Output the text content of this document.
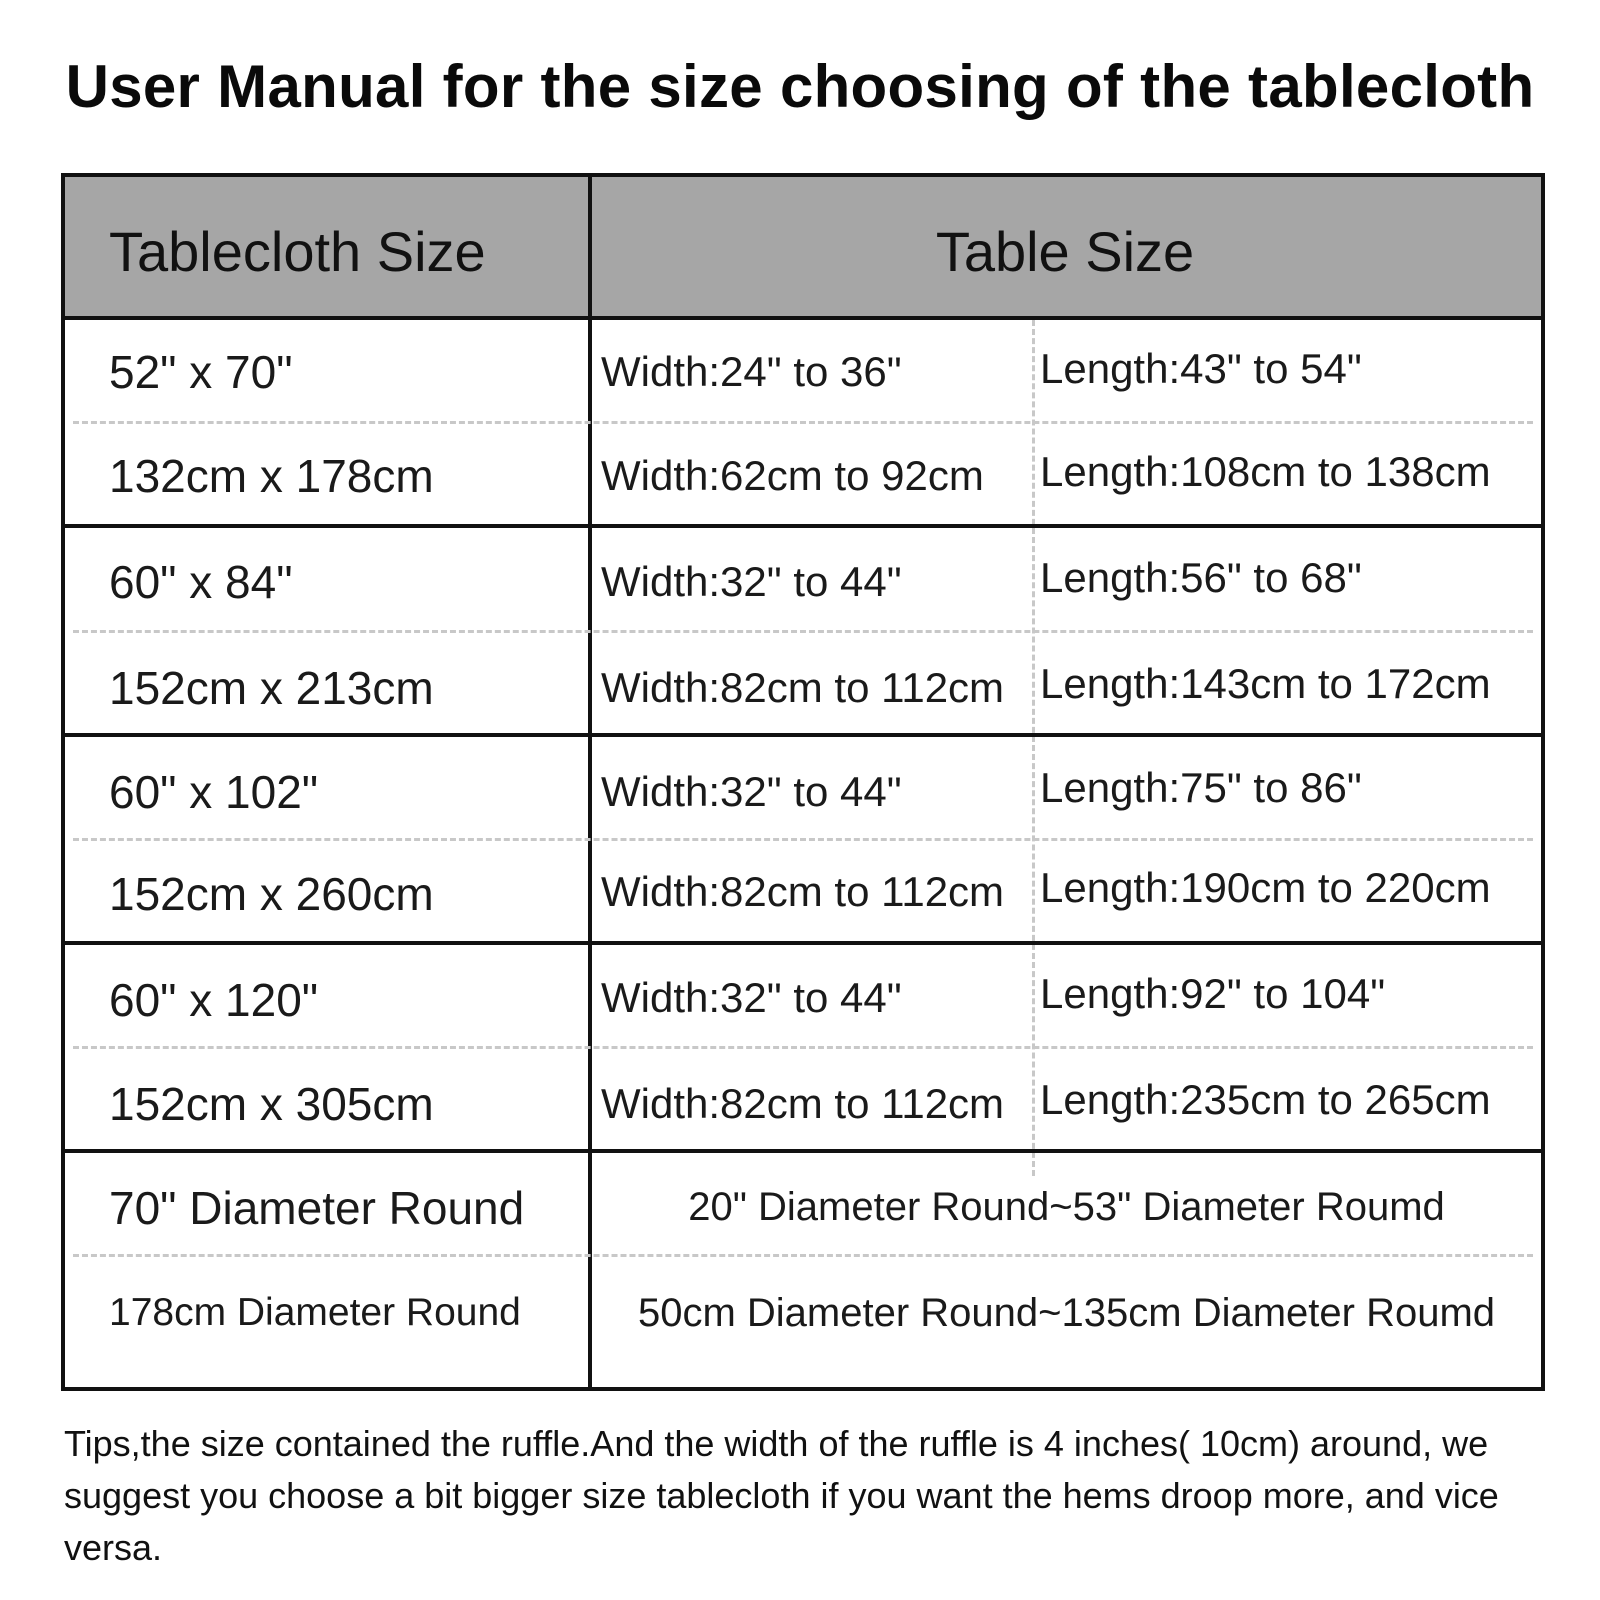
User Manual for the size choosing of the tablecloth
Tablecloth Size	Table Size
52" x 70"	Width:24" to 36"	Length:43" to 54"
132cm x 178cm	Width:62cm to 92cm Length:108cm to 138cm
60" x 84"	Width:32" to 44"	Length:56" to 68"
152cm x 213cm	Width:82cm to 112cm Length:143cm to 172cm
60" x 102"	Width:32" to 44"	Length:75" to 86"
152cm x 260cm	Width:82cm to 112cm Length:190cm to 220cm
60" x 120"	Width:32" to 44"	Length:92" to 104"
152cm x 305cm	Width:82cm to 112cm Length:235cm to 265cm
70" Diameter Round	20" Diameter Round~53" Diameter Roumd
178cm Diameter Round	50cm Diameter Round~135cm Diameter Roumd
Tips,the size contained the ruffle.And the width of the ruffle is 4 inches( 10cm) around, we suggest you choose a bit bigger size tablecloth if you want the hems droop more, and vice versa.
